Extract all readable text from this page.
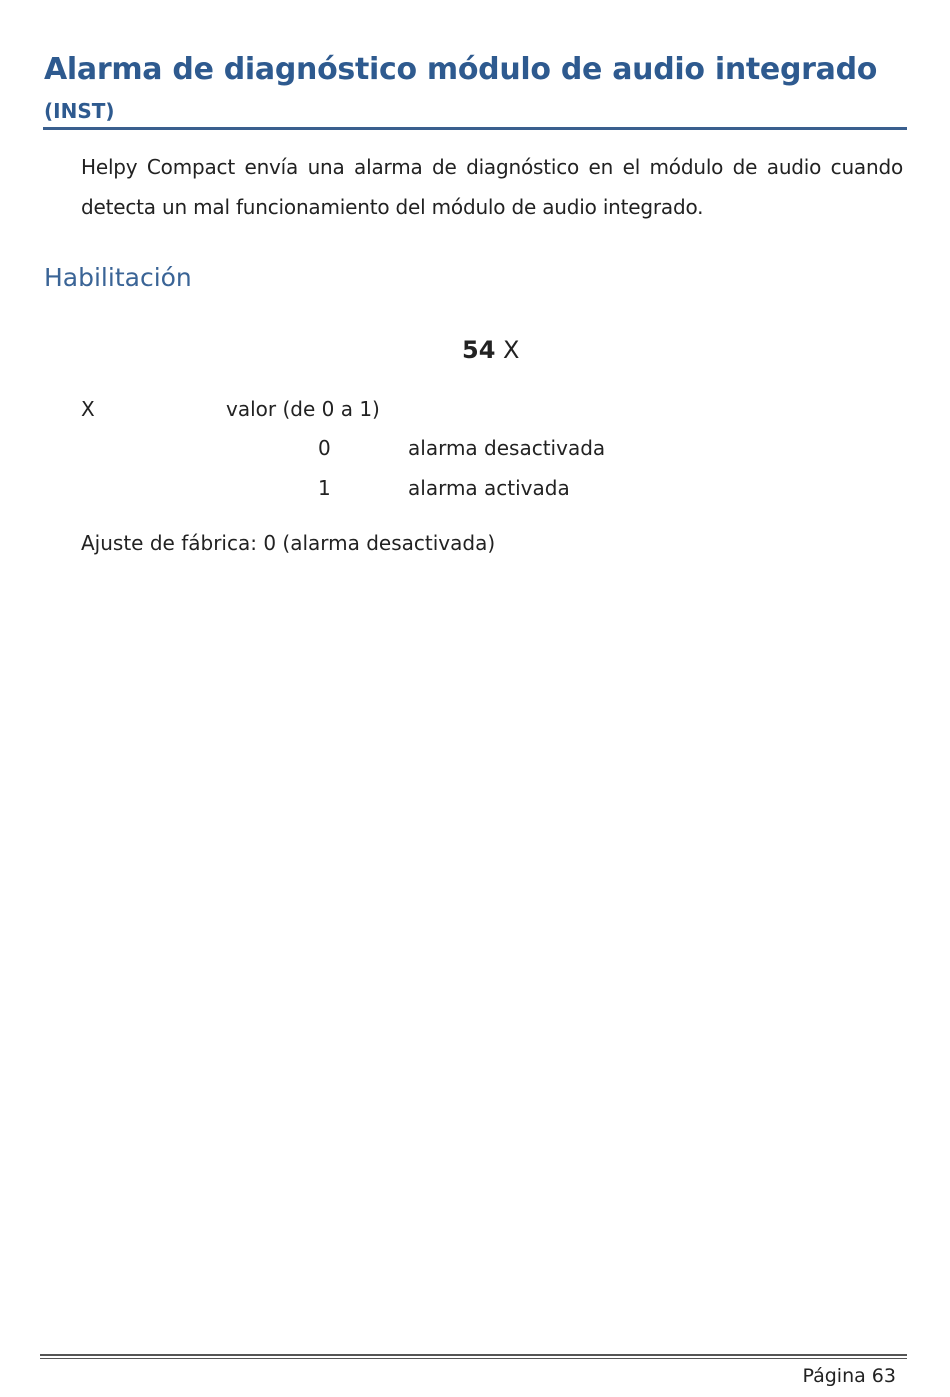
Alarma de diagnóstico módulo de audio integrado
(INST)

Helpy Compact envía una alarma de diagnóstico en el módulo de audio cuando detecta un mal funcionamiento del módulo de audio integrado.

Habilitación
54 X
X	valor (de 0 a 1)
0	alarma desactivada
1	alarma activada
Ajuste de fábrica: 0 (alarma desactivada)
Página 63
